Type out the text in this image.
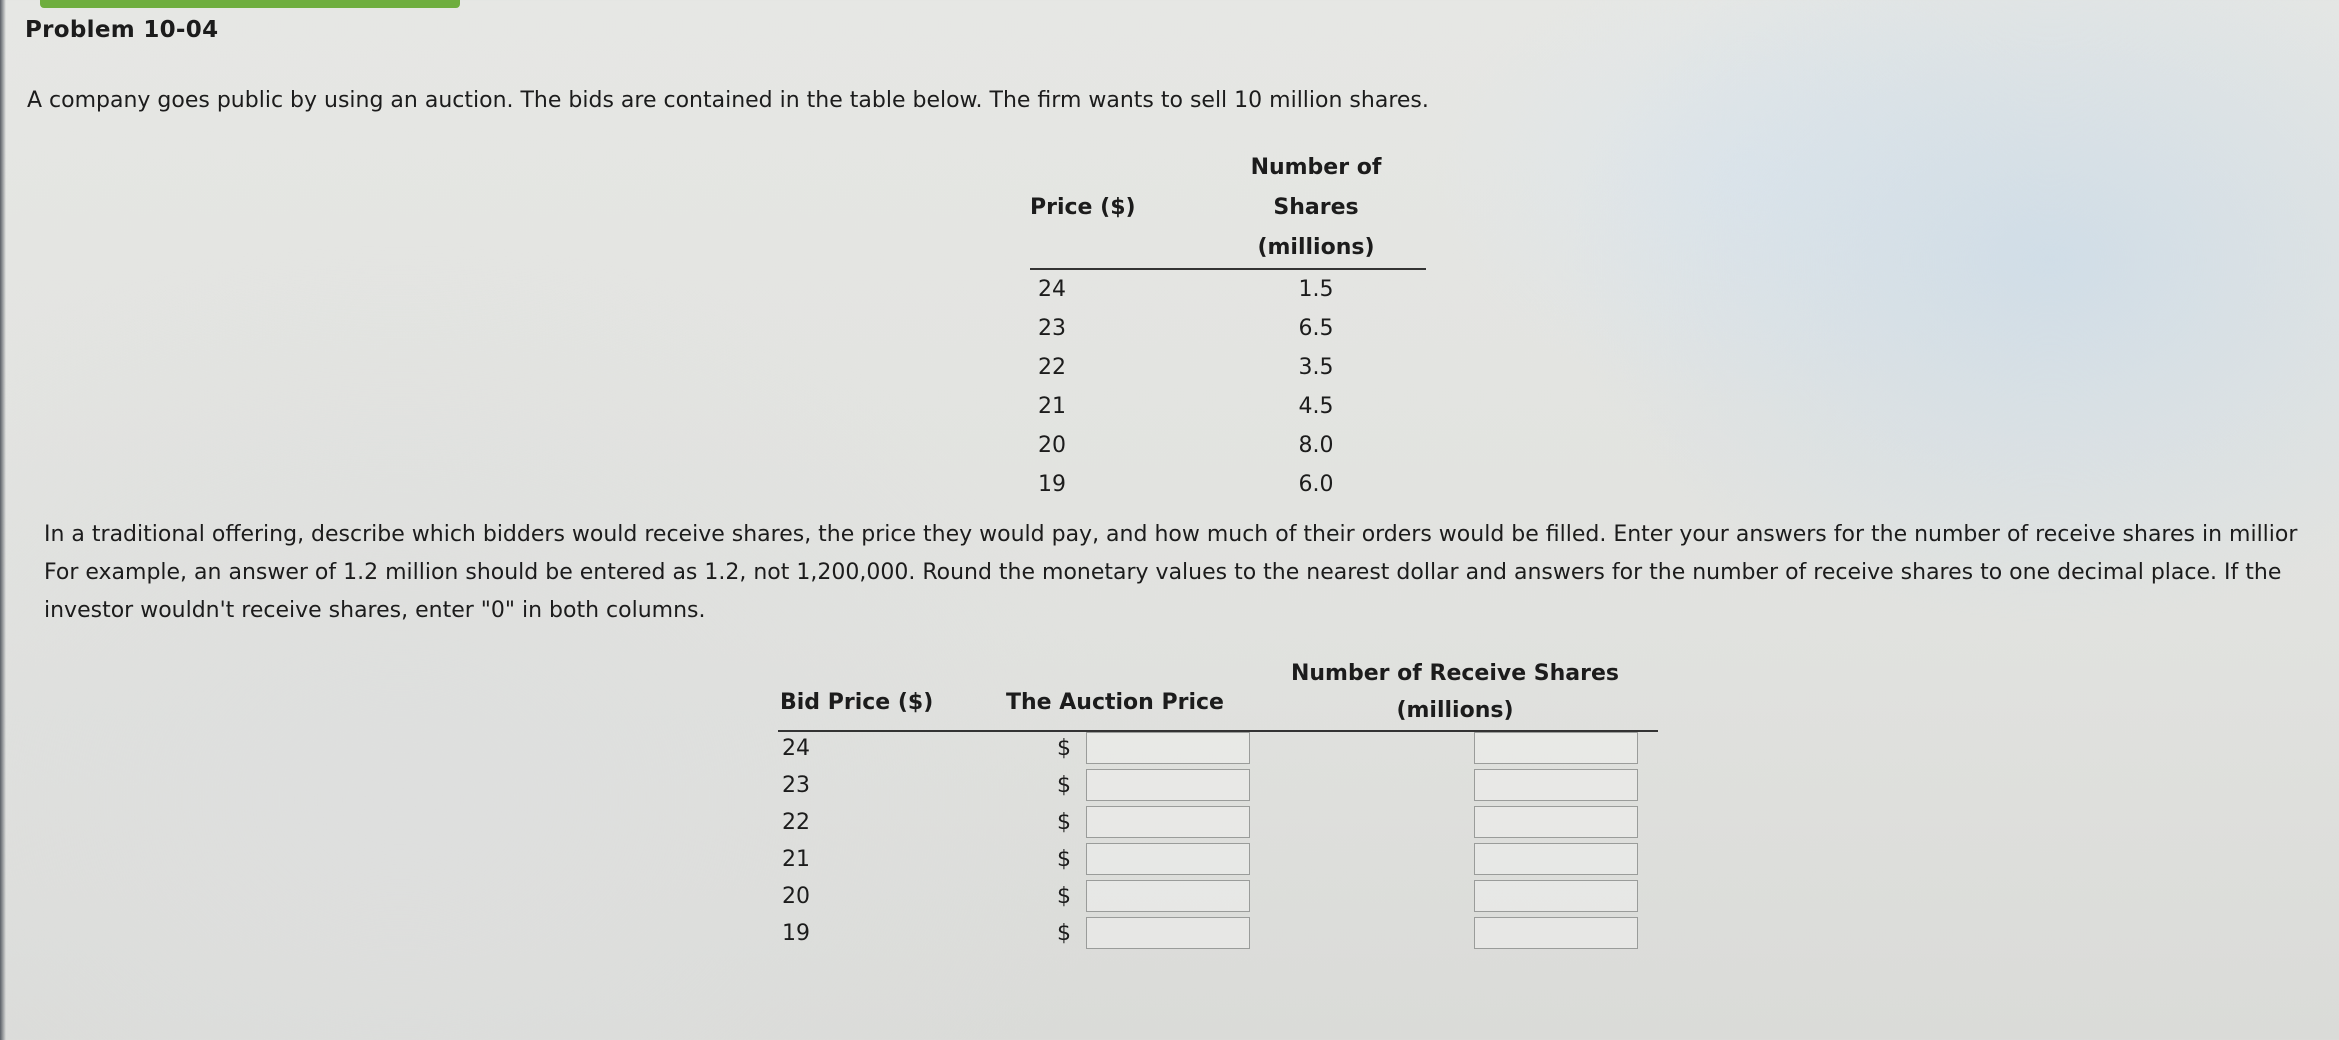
Problem 10-04
A company goes public by using an auction. The bids are contained in the table below. The firm wants to sell 10 million shares.
Price ($)	Number of
Shares
(millions)

24	1.5
23	6.5
22	3.5
21	4.5
20	8.0
19	6.0
In a traditional offering, describe which bidders would receive shares, the price they would pay, and how much of their orders would be filled. Enter your answers for the number of receive shares in millior
For example, an answer of 1.2 million should be entered as 1.2, not 1,200,000. Round the monetary values to the nearest dollar and answers for the number of receive shares to one decimal place. If the
investor wouldn't receive shares, enter "0" in both columns.
Number of Receive Shares
(millions)
Bid Price ($)	The Auction Price
24	$
23	$
22	$
21	$
20	$
19	$
